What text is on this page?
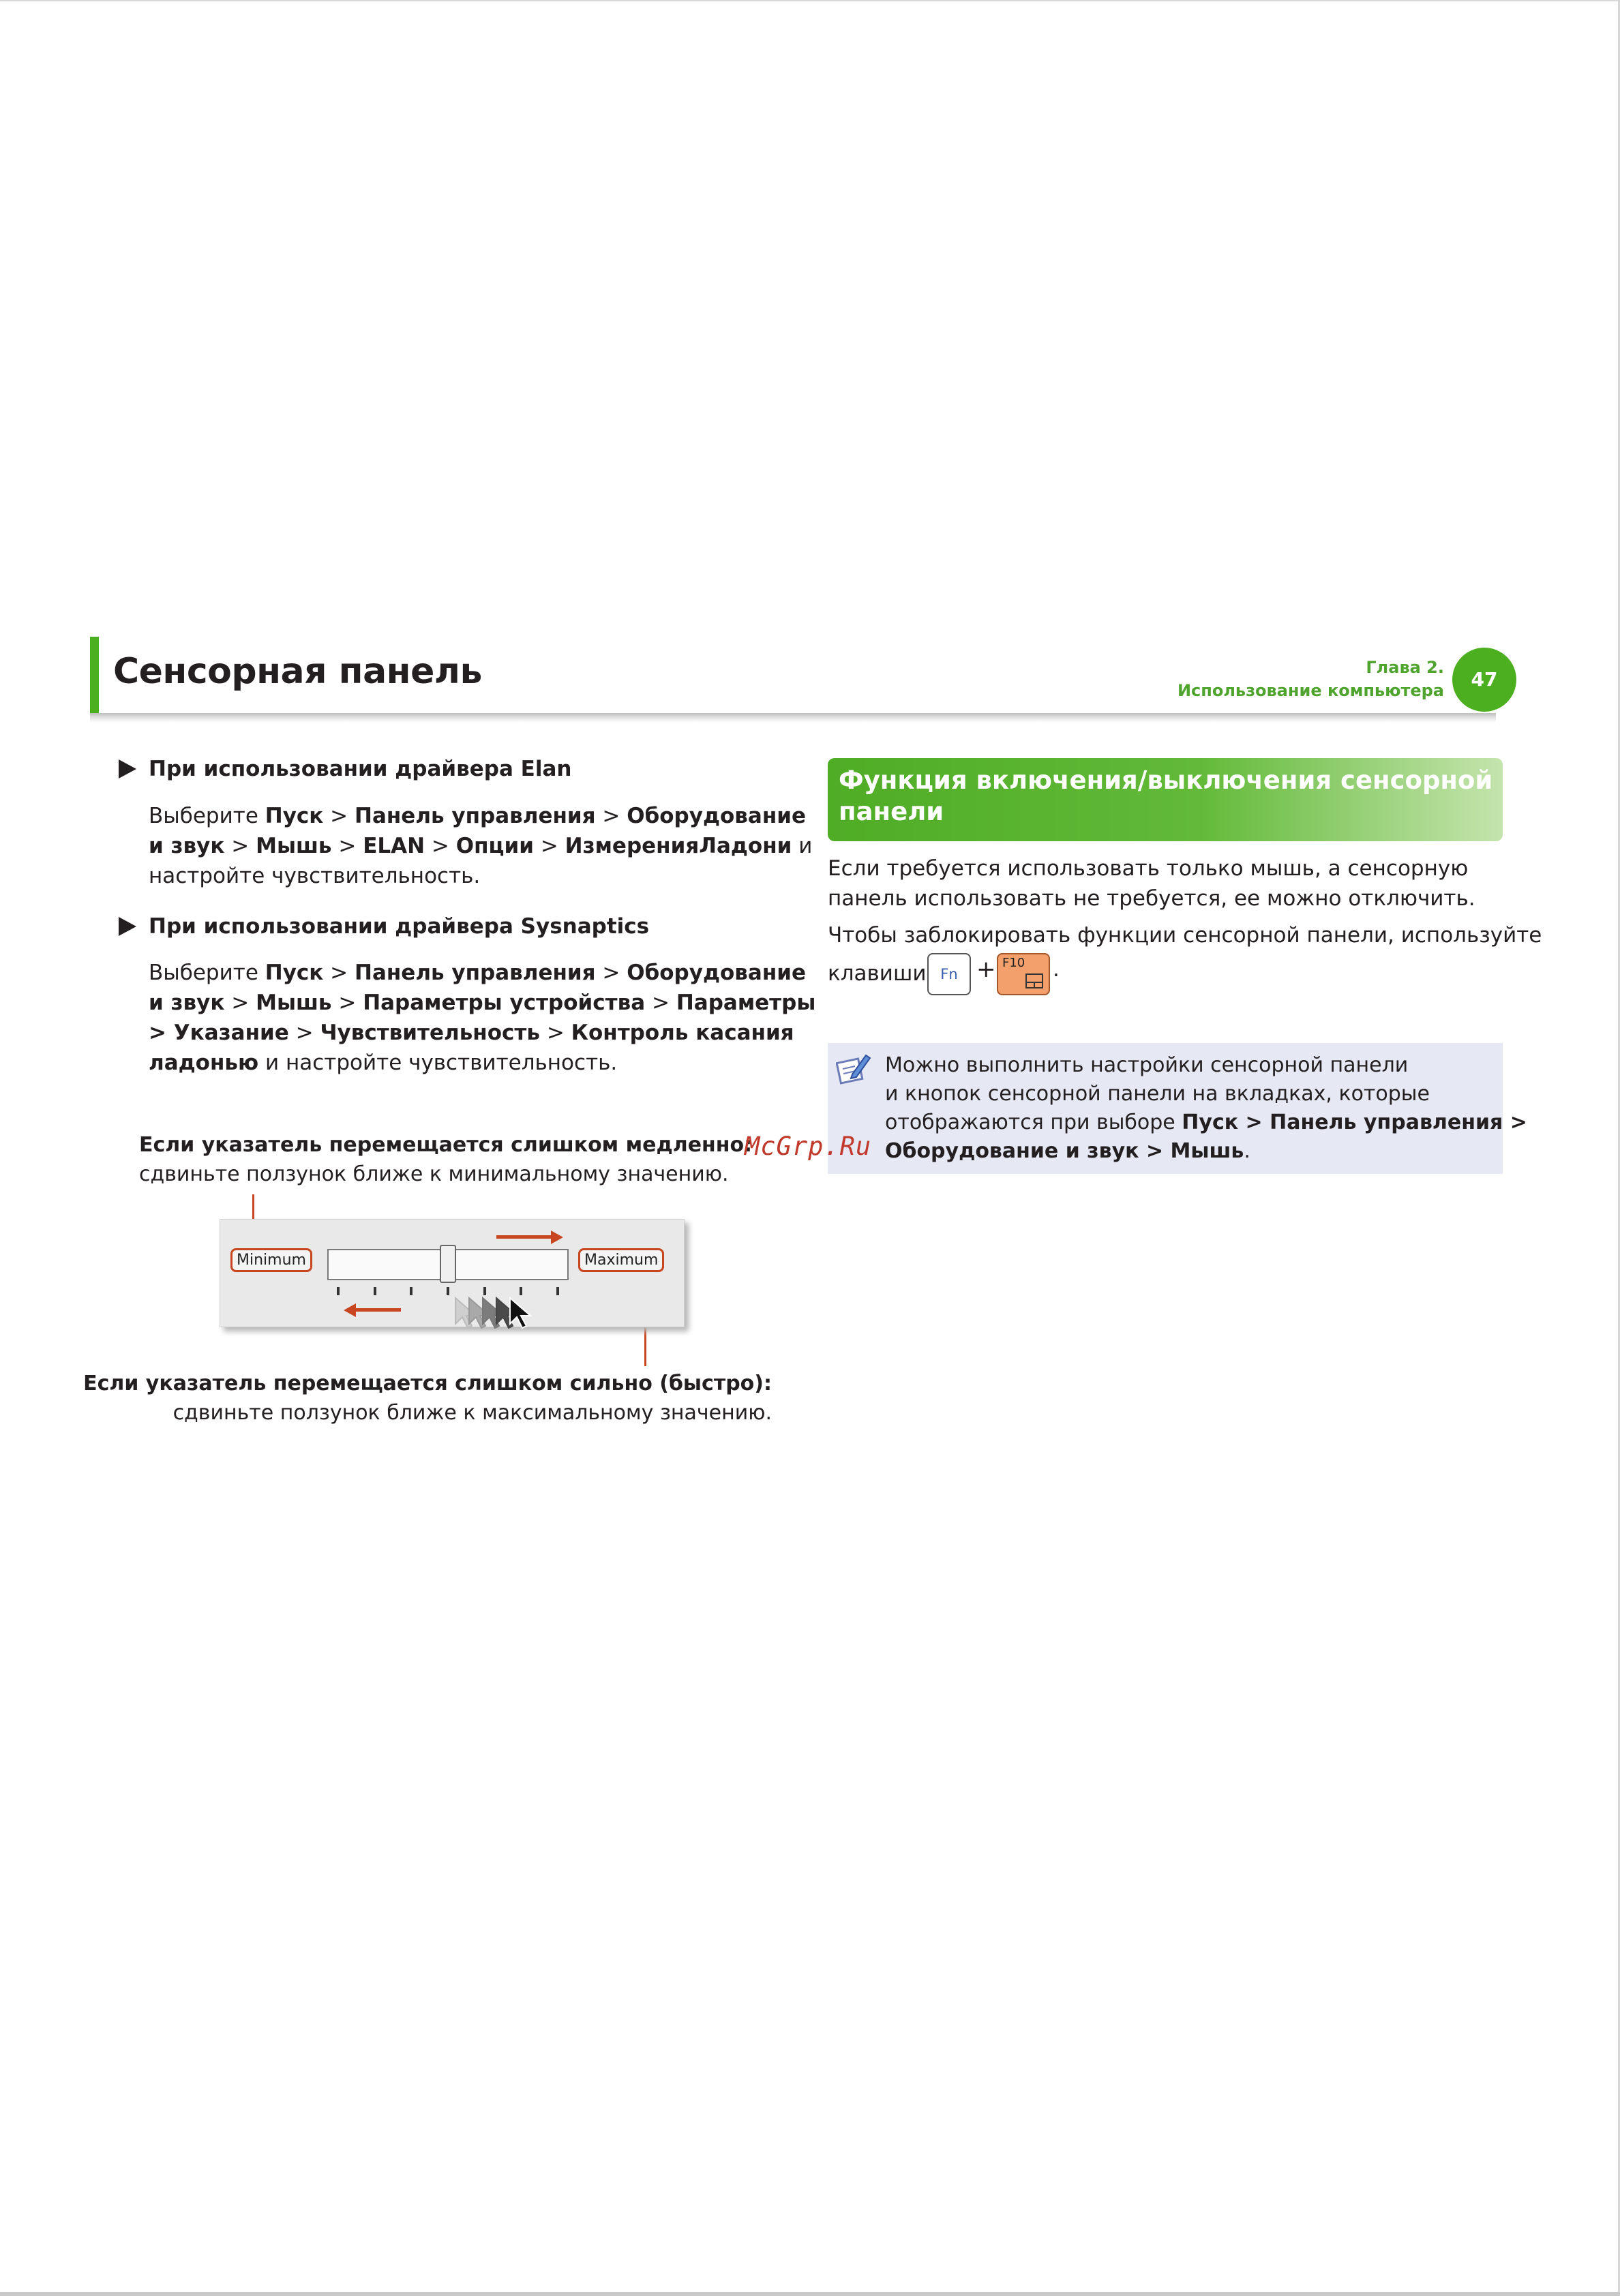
Сенсорная панель	Глава 2.
Использование компьютера	47
При использовании драйвера Elan
Выберите Пуск > Панель управления > Оборудование
и звук > Мышь > ELAN > Опции > ИзмеренияЛадони и
настройте чувствительность.
При использовании драйвера Sysnaptics
Выберите Пуск > Панель управления > Оборудование
и звук > Мышь > Параметры устройства > Параметры
> Указание > Чувствительность > Контроль касания
ладонью и настройте чувствительность.
Если указатель перемещается слишком медленно:
сдвиньте ползунок ближе к минимальному значению.
Minimum	Maximum
Если указатель перемещается слишком сильно (быстро):
сдвиньте ползунок ближе к максимальному значению.
Функция включения/выключения сенсорной
панели
Если требуется использовать только мышь, а сенсорную
панель использовать не требуется, ее можно отключить.
Чтобы заблокировать функции сенсорной панели, используйте
клавиши Fn + F10 .
Можно выполнить настройки сенсорной панели
и кнопок сенсорной панели на вкладках, которые
отображаются при выборе Пуск > Панель управления >
Оборудование и звук > Мышь.
McGrp.Ru
